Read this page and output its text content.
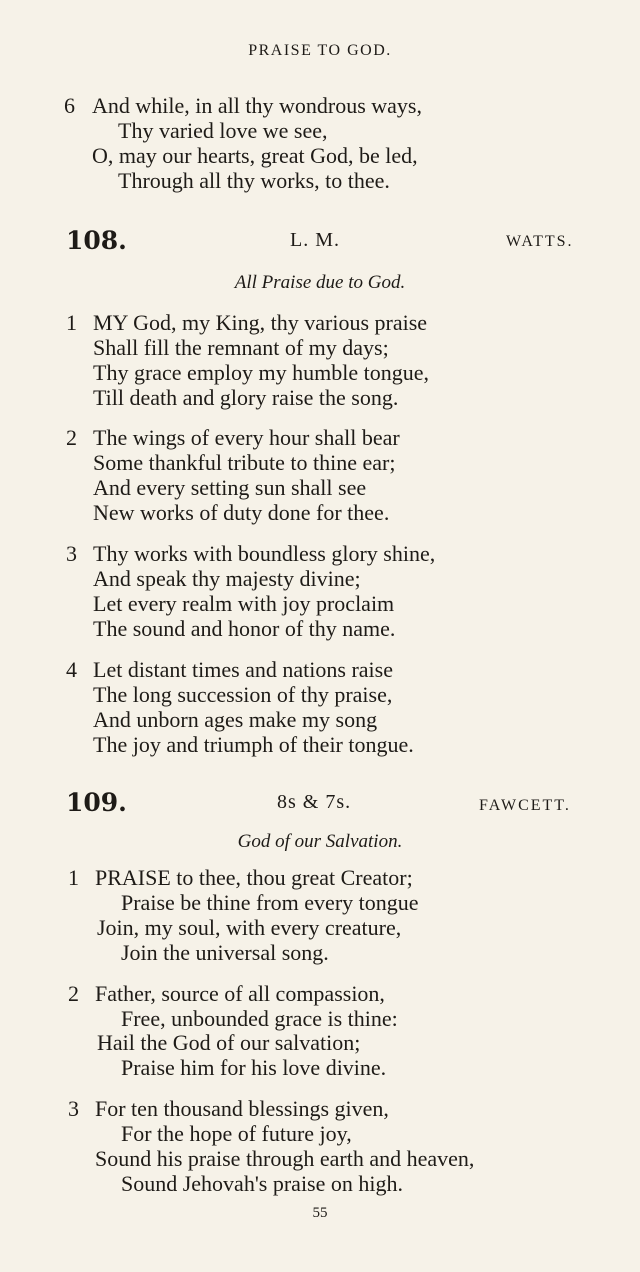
PRAISE TO GOD.
6 And while, in all thy wondrous ways,
Thy varied love we see,
O, may our hearts, great God, be led,
Through all thy works, to thee.
108.	L. M.	WATTS.
All Praise due to God.
1 MY God, my King, thy various praise
Shall fill the remnant of my days;
Thy grace employ my humble tongue,
Till death and glory raise the song.
2 The wings of every hour shall bear
Some thankful tribute to thine ear;
And every setting sun shall see
New works of duty done for thee.
3 Thy works with boundless glory shine,
And speak thy majesty divine;
Let every realm with joy proclaim
The sound and honor of thy name.
4 Let distant times and nations raise
The long succession of thy praise,
And unborn ages make my song
The joy and triumph of their tongue.
109.	8s & 7s.	FAWCETT.
God of our Salvation.
1 PRAISE to thee, thou great Creator;
Praise be thine from every tongue
Join, my soul, with every creature,
Join the universal song.
2 Father, source of all compassion,
Free, unbounded grace is thine:
Hail the God of our salvation;
Praise him for his love divine.
3 For ten thousand blessings given,
For the hope of future joy,
Sound his praise through earth and heaven,
Sound Jehovah's praise on high.
55
